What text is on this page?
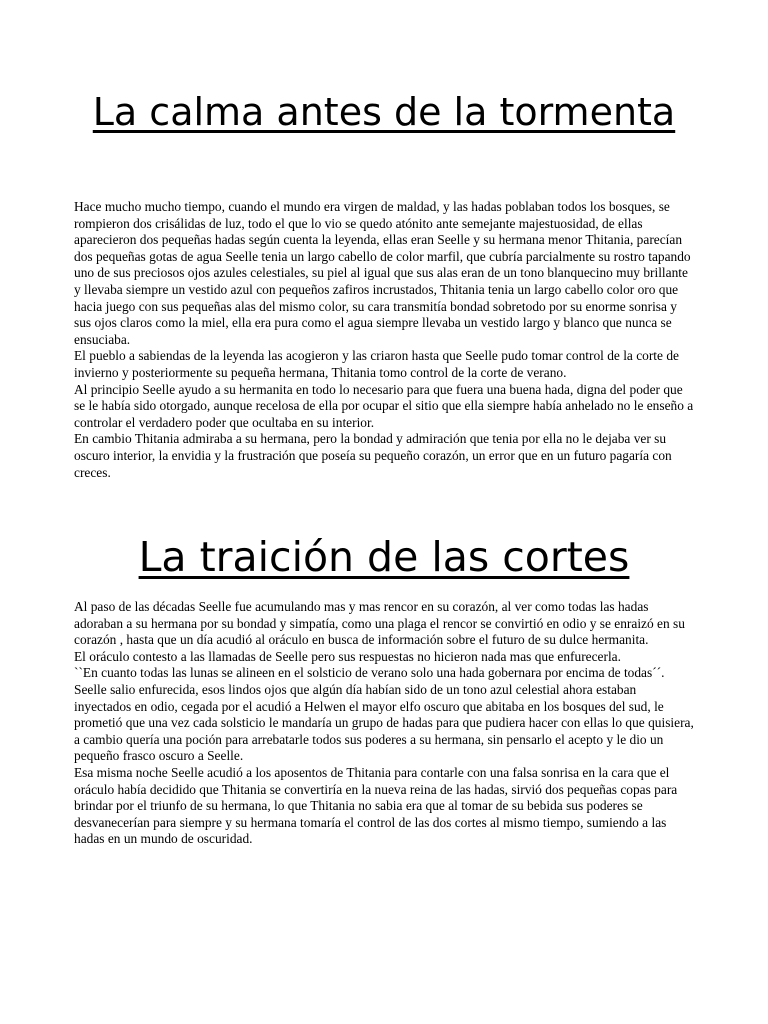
La calma antes de la tormenta

Hace mucho mucho tiempo, cuando el mundo era virgen de maldad, y las hadas poblaban todos los bosques, se rompieron dos crisálidas de luz, todo el que lo vio se quedo atónito ante semejante majestuosidad, de ellas aparecieron dos pequeñas hadas según cuenta la leyenda, ellas eran Seelle y su hermana menor Thitania, parecían dos pequeñas gotas de agua Seelle tenia un largo cabello de color marfil, que cubría parcialmente su rostro tapando uno de sus preciosos ojos azules celestiales, su piel al igual que sus alas eran de un tono blanquecino muy brillante y llevaba siempre un vestido azul con pequeños zafiros incrustados, Thitania tenia un largo cabello color oro que hacia juego con sus pequeñas alas del mismo color, su cara transmitía bondad sobretodo por su enorme sonrisa y sus ojos claros como la miel, ella era pura como el agua siempre llevaba un vestido largo y blanco que nunca se ensuciaba.

El pueblo a sabiendas de la leyenda las acogieron y las criaron hasta que Seelle pudo tomar control de la corte de invierno y posteriormente su pequeña hermana, Thitania tomo control de la corte de verano.

Al principio Seelle ayudo a su hermanita en todo lo necesario para que fuera una buena hada, digna del poder que se le había sido otorgado, aunque recelosa de ella por ocupar el sitio que ella siempre había anhelado no le enseño a controlar el verdadero poder que ocultaba en su interior.

En cambio Thitania admiraba a su hermana, pero la bondad y admiración que tenia por ella no le dejaba ver su oscuro interior, la envidia y la frustración que poseía su pequeño corazón, un error que en un futuro pagaría con creces.

La traición de las cortes

Al paso de las décadas Seelle fue acumulando mas y mas rencor en su corazón, al ver como todas las hadas adoraban a su hermana por su bondad y simpatía, como una plaga el rencor se convirtió en odio y se enraizó en su corazón , hasta que un día acudió al oráculo en busca de información sobre el futuro de su dulce hermanita.

El oráculo contesto a las llamadas de Seelle pero sus respuestas no hicieron nada mas que enfurecerla.

``En cuanto todas las lunas se alineen en el solsticio de verano solo una hada gobernara por encima de todas´´.

Seelle salio enfurecida, esos lindos ojos que algún día habían sido de un tono azul celestial ahora estaban inyectados en odio, cegada por el acudió a Helwen el mayor elfo oscuro que abitaba en los bosques del sud, le prometió que una vez cada solsticio le mandaría un grupo de hadas para que pudiera hacer con ellas lo que quisiera, a cambio quería una poción para arrebatarle todos sus poderes a su hermana, sin pensarlo el acepto y le dio un pequeño frasco oscuro a Seelle.

Esa misma noche Seelle acudió a los aposentos de Thitania para contarle con una falsa sonrisa en la cara que el oráculo había decidido que Thitania se convertiría en la nueva reina de las hadas, sirvió dos pequeñas copas para brindar por el triunfo de su hermana, lo que Thitania no sabia era que al tomar de su bebida sus poderes se desvanecerían para siempre y su hermana tomaría el control de las dos cortes al mismo tiempo, sumiendo a las hadas en un mundo de oscuridad.
